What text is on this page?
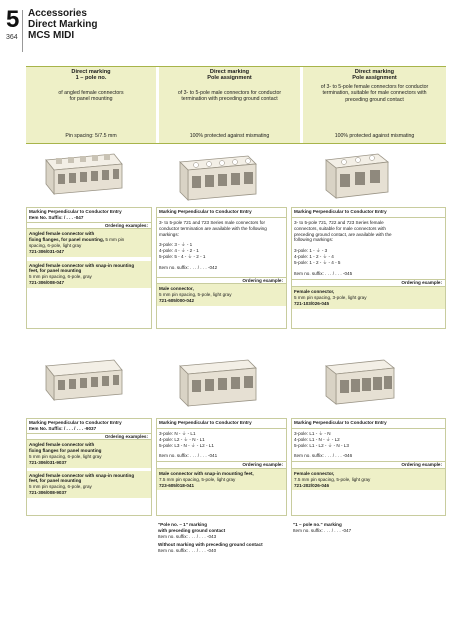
5
364
Accessories
Direct Marking
MCS MIDI
Direct marking
1 – pole no.
of angled female connectors
for panel mounting
Pin spacing: 5/7.5 mm
Direct marking
Pole assignment
of 3- to 5-pole male connectors for conductor
termination with preceding ground contact
100% protected against mismating
Direct marking
Pole assignment
of 3- to 5-pole female connectors for conductor
termination, suitable for male connectors with
preceding ground contact
100% protected against mismating
Marking Perpendicular to Conductor Entry
Item No. Suffix: / . . . -047
Ordering examples:
Angled female connector with
fixing flanges, for panel mounting, 5 mm pin
spacing, 6-pole, light gray
721-306/031-047
Angled female connector with snap-in mounting
feet, for panel mounting
5 mm pin spacing, 6-pole, gray
721-306/008-047
Marking Perpendicular to Conductor Entry
3- to 5-pole 721 and 723 Series male connectors for
conductor termination are available with the following
markings:
3-pole: 3 - ⏚ - 1
4-pole: 4 - ⏚ - 2 - 1
5-pole: 5 - 4 - ⏚ - 2 - 1
Item no. suffix: . . . / . . . -042
Ordering example:
Male connector,
5 mm pin spacing, 5-pole, light gray
721-605/000-042
Marking Perpendicular to Conductor Entry
3- to 5-pole 721, 722 and 723 Series female
connectors, suitable for male connectors with
preceding ground contact, are available with the
following markings:
3-pole: 1 - ⏚ - 3
4-pole: 1 - 2 - ⏚ - 4
5-pole: 1 - 2 - ⏚ - 4 - 5
Item no. suffix: . . . / . . . -045
Ordering example:
Female connector,
5 mm pin spacing, 3-pole, light gray
721-103/026-045
Marking Perpendicular to Conductor Entry
Item No. Suffix: / . . . / . . . -9037
Ordering examples:
Angled female connector with
fixing flanges for panel mounting
5 mm pin spacing, 6-pole, light gray
721-306/031-9037
Angled female connector with snap-in mounting
feet, for panel mounting
5 mm pin spacing, 6-pole, gray
721-306/008-9037
Marking Perpendicular to Conductor Entry
3-pole: N - ⏚ - L1
4-pole: L2 - ⏚ - N - L1
5-pole: L3 - N - ⏚ - L2 - L1
Item no. suffix: . . . / . . . -041
Ordering example:
Male connector with snap-in mounting feet,
7.5 mm pin spacing, 5-pole, light gray
723-605/018-041
Marking Perpendicular to Conductor Entry
3-pole: L1 - ⏚ - N
4-pole: L1 - N - ⏚ - L2
5-pole: L1 - L2 - ⏚ - N - L3
Item no. suffix: . . . / . . . -046
Ordering example:
Female connector,
7.5 mm pin spacing, 5-pole, light gray
721-202/026-046
"Pole no. – 1" marking
with preceding ground contact
Item no. suffix: . . . / . . . -043
Without marking with preceding ground contact
Item no. suffix: . . . / . . . -040
"1 – pole no." marking
Item no. suffix: . . . / . . . -047
